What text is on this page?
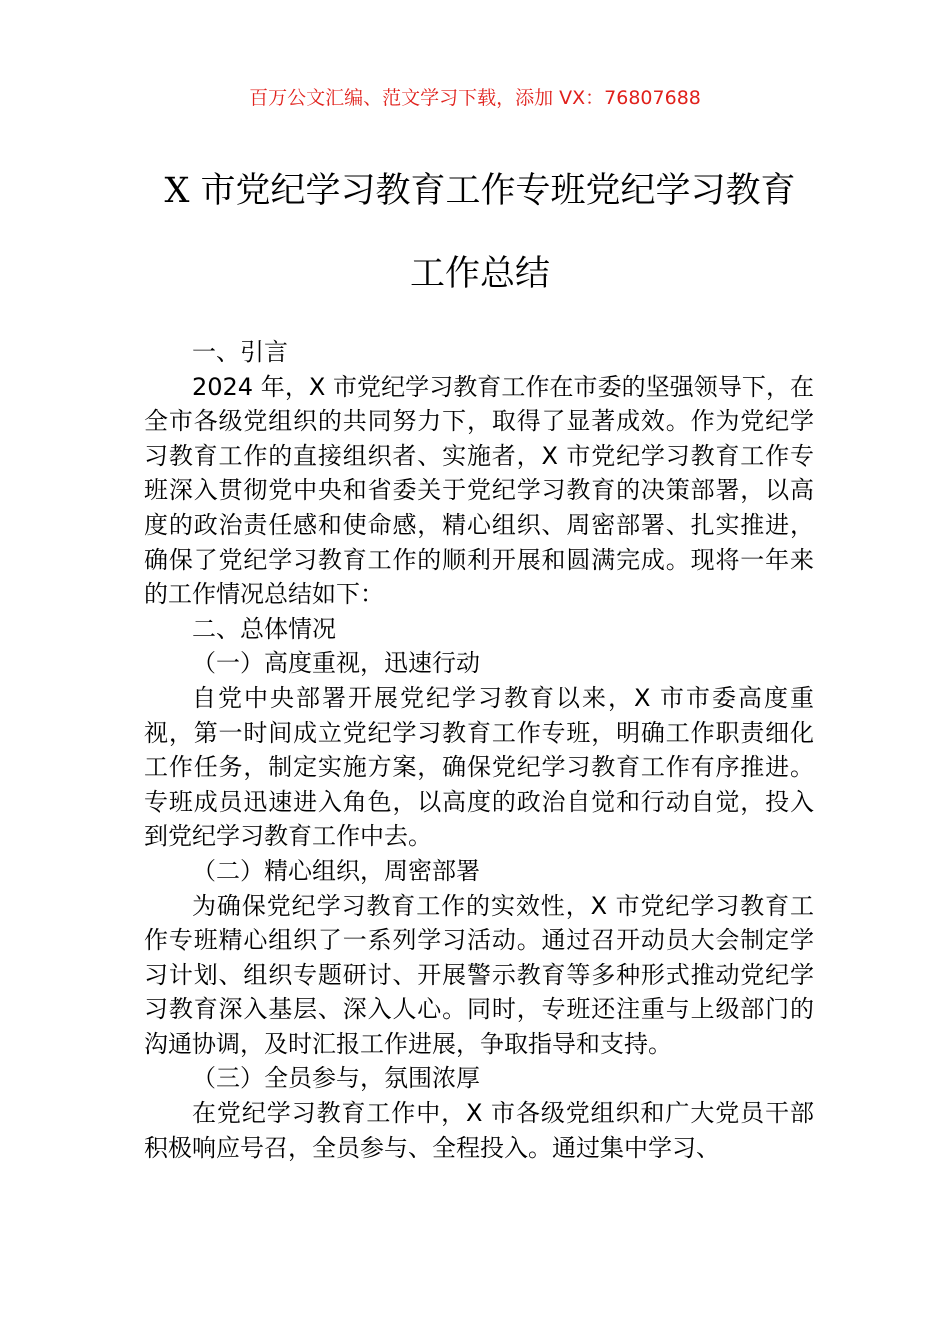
百万公文汇编、范文学习下载，添加 VX：76807688
X 市党纪学习教育工作专班党纪学习教育
工作总结

一、引言

2024 年，X 市党纪学习教育工作在市委的坚强领导下，在全市各级党组织的共同努力下，取得了显著成效。作为党纪学习教育工作的直接组织者、实施者，X 市党纪学习教育工作专班深入贯彻党中央和省委关于党纪学习教育的决策部署，以高度的政治责任感和使命感，精心组织、周密部署、扎实推进，确保了党纪学习教育工作的顺利开展和圆满完成。现将一年来的工作情况总结如下：

二、总体情况

（一）高度重视，迅速行动

自党中央部署开展党纪学习教育以来，X 市市委高度重视，第一时间成立党纪学习教育工作专班，明确工作职责细化工作任务，制定实施方案，确保党纪学习教育工作有序推进。专班成员迅速进入角色，以高度的政治自觉和行动自觉，投入到党纪学习教育工作中去。

（二）精心组织，周密部署

为确保党纪学习教育工作的实效性，X 市党纪学习教育工作专班精心组织了一系列学习活动。通过召开动员大会制定学习计划、组织专题研讨、开展警示教育等多种形式推动党纪学习教育深入基层、深入人心。同时，专班还注重与上级部门的沟通协调，及时汇报工作进展，争取指导和支持。

（三）全员参与，氛围浓厚

在党纪学习教育工作中，X 市各级党组织和广大党员干部积极响应号召，全员参与、全程投入。通过集中学习、
